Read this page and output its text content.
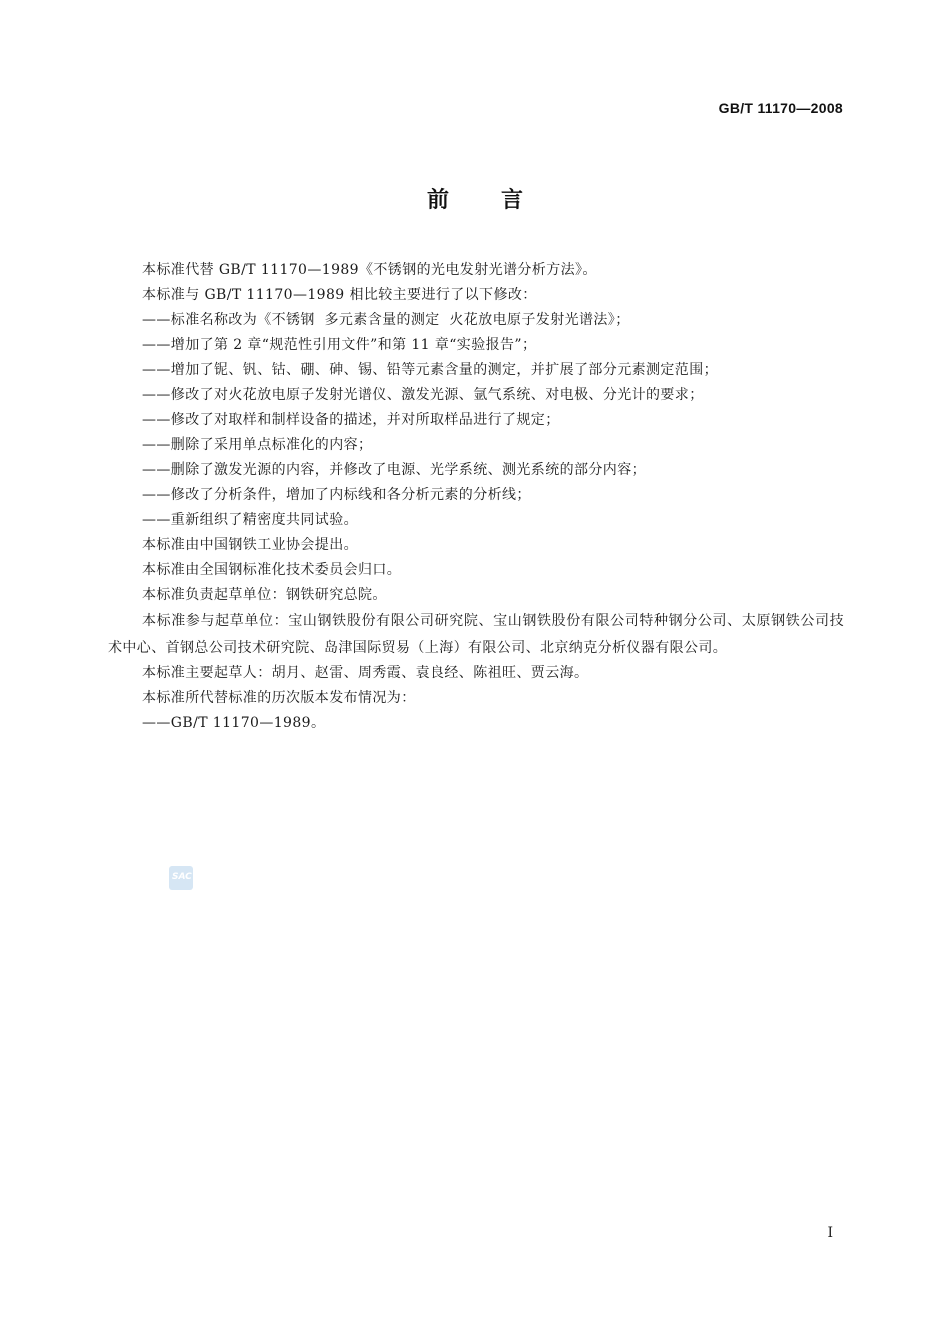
GB/T 11170—2008
前言

本标准代替 GB/T 11170—1989《不锈钢的光电发射光谱分析方法》。

本标准与 GB/T 11170—1989 相比较主要进行了以下修改：

——标准名称改为《不锈钢  多元素含量的测定  火花放电原子发射光谱法》；

——增加了第 2 章“规范性引用文件”和第 11 章“实验报告”；

——增加了铌、钒、钴、硼、砷、锡、铅等元素含量的测定，并扩展了部分元素测定范围；

——修改了对火花放电原子发射光谱仪、激发光源、氩气系统、对电极、分光计的要求；

——修改了对取样和制样设备的描述，并对所取样品进行了规定；

——删除了采用单点标准化的内容；

——删除了激发光源的内容，并修改了电源、光学系统、测光系统的部分内容；

——修改了分析条件，增加了内标线和各分析元素的分析线；

——重新组织了精密度共同试验。

本标准由中国钢铁工业协会提出。

本标准由全国钢标准化技术委员会归口。

本标准负责起草单位：钢铁研究总院。

本标准参与起草单位：宝山钢铁股份有限公司研究院、宝山钢铁股份有限公司特种钢分公司、太原钢铁公司技术中心、首钢总公司技术研究院、岛津国际贸易（上海）有限公司、北京纳克分析仪器有限公司。

本标准主要起草人：胡月、赵雷、周秀霞、袁良经、陈祖旺、贾云海。

本标准所代替标准的历次版本发布情况为：

——GB/T 11170—1989。

SAC
I
